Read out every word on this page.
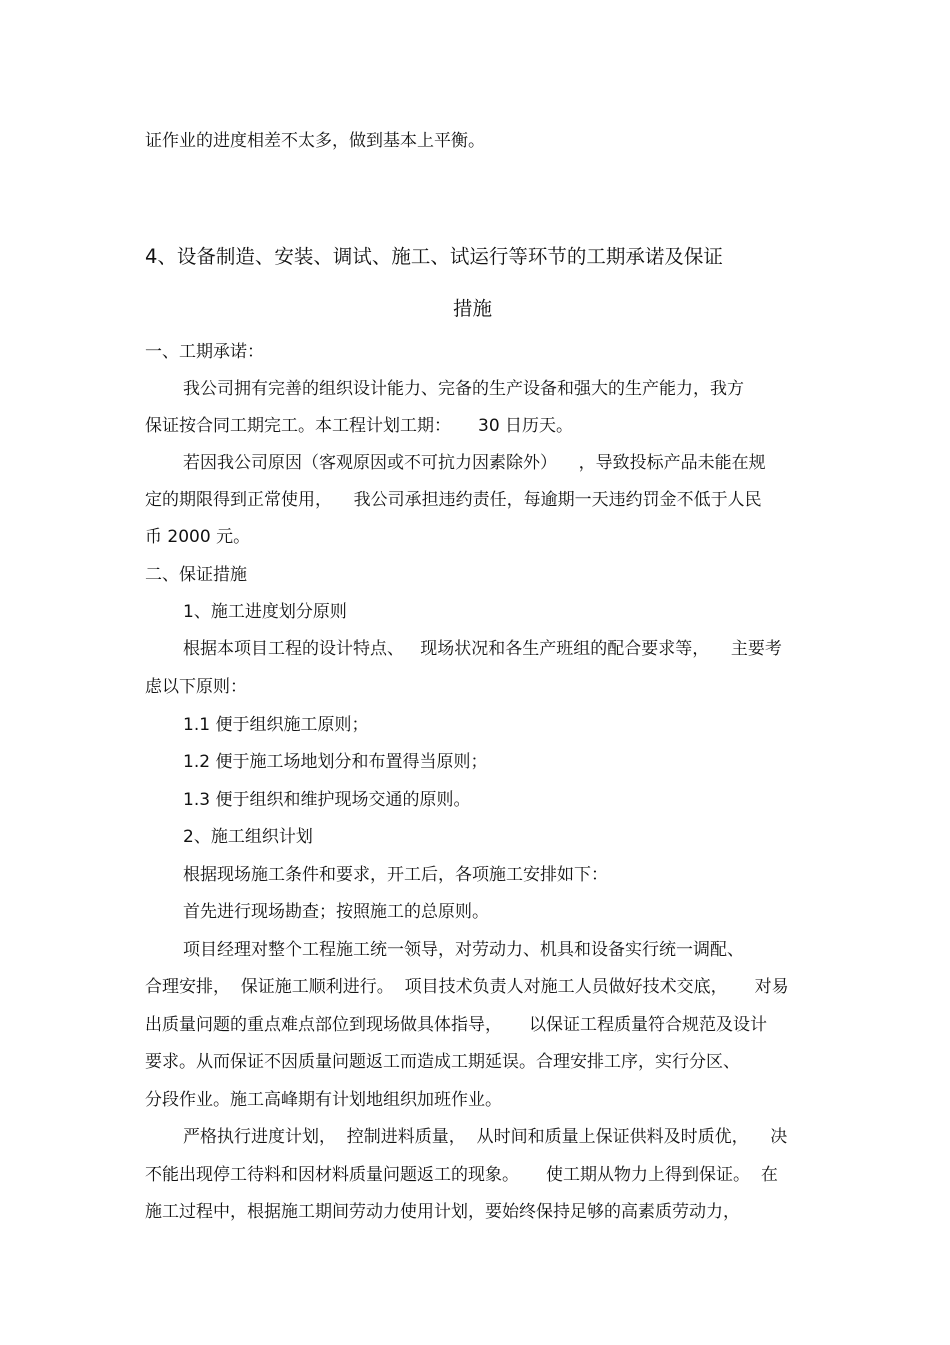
证作业的进度相差不太多，做到基本上平衡。
4、设备制造、安装、调试、施工、试运行等环节的工期承诺及保证
措施
一、工期承诺：
我公司拥有完善的组织设计能力、完备的生产设备和强大的生产能力，我方
保证按合同工期完工。本工程计划工期：     30 日历天。
若因我公司原因（客观原因或不可抗力因素除外）    ，导致投标产品未能在规
定的期限得到正常使用，    我公司承担违约责任，每逾期一天违约罚金不低于人民
币 2000 元。
二、保证措施
1、施工进度划分原则
根据本项目工程的设计特点、   现场状况和各生产班组的配合要求等，    主要考
虑以下原则：
1.1 便于组织施工原则；
1.2 便于施工场地划分和布置得当原则；
1.3 便于组织和维护现场交通的原则。
2、施工组织计划
根据现场施工条件和要求，开工后，各项施工安排如下：
首先进行现场勘查；按照施工的总原则。
项目经理对整个工程施工统一领导，对劳动力、机具和设备实行统一调配、
合理安排，  保证施工顺利进行。  项目技术负责人对施工人员做好技术交底，     对易
出质量问题的重点难点部位到现场做具体指导，     以保证工程质量符合规范及设计
要求。从而保证不因质量问题返工而造成工期延误。合理安排工序，实行分区、
分段作业。施工高峰期有计划地组织加班作业。
严格执行进度计划，  控制进料质量，  从时间和质量上保证供料及时质优，    决
不能出现停工待料和因材料质量问题返工的现象。     使工期从物力上得到保证。  在
施工过程中，根据施工期间劳动力使用计划，要始终保持足够的高素质劳动力，
